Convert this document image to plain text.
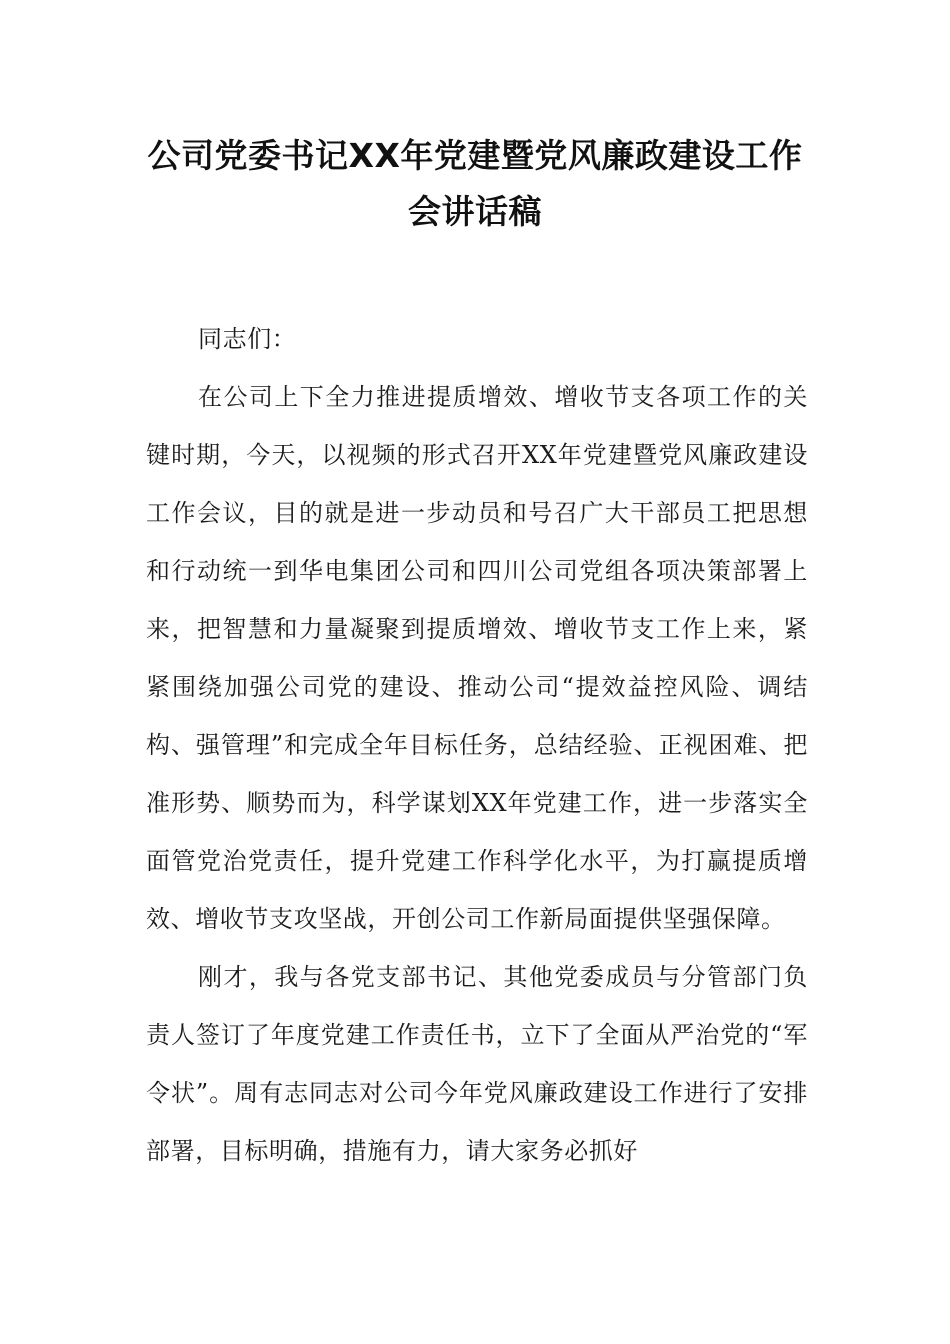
公司党委书记XX年党建暨党风廉政建设工作会讲话稿

同志们：

在公司上下全力推进提质增效、增收节支各项工作的关键时期，今天，以视频的形式召开XX年党建暨党风廉政建设工作会议，目的就是进一步动员和号召广大干部员工把思想和行动统一到华电集团公司和四川公司党组各项决策部署上来，把智慧和力量凝聚到提质增效、增收节支工作上来，紧紧围绕加强公司党的建设、推动公司“提效益控风险、调结构、强管理”和完成全年目标任务，总结经验、正视困难、把准形势、顺势而为，科学谋划XX年党建工作，进一步落实全面管党治党责任，提升党建工作科学化水平，为打赢提质增效、增收节支攻坚战，开创公司工作新局面提供坚强保障。

刚才，我与各党支部书记、其他党委成员与分管部门负责人签订了年度党建工作责任书，立下了全面从严治党的“军令状”。周有志同志对公司今年党风廉政建设工作进行了安排部署，目标明确，措施有力，请大家务必抓好
